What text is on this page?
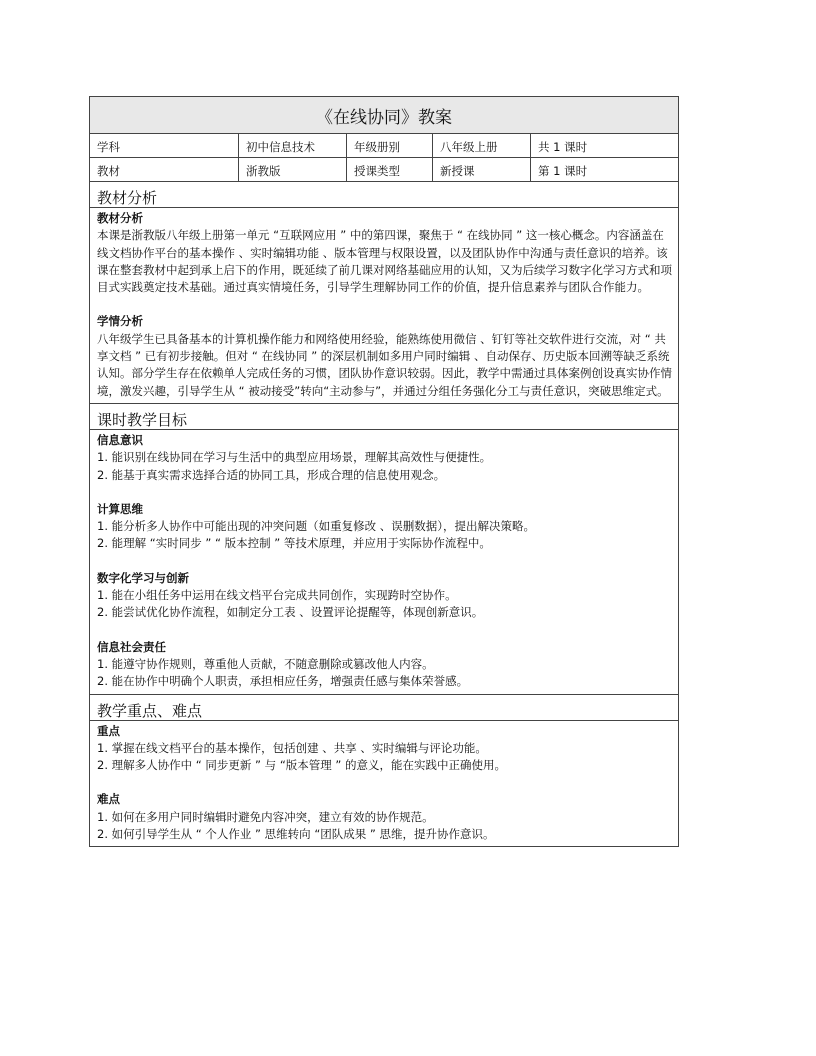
《在线协同》教案
学科	初中信息技术	年级册别	八年级上册	共 1 课时
教材	浙教版	授课类型	新授课	第 1 课时
教材分析
教材分析

本课是浙教版八年级上册第一单元 “互联网应用 ” 中的第四课，聚焦于 “ 在线协同 ” 这一核心概念。内容涵盖在线文档协作平台的基本操作 、实时编辑功能 、版本管理与权限设置，以及团队协作中沟通与责任意识的培养。该课在整套教材中起到承上启下的作用，既延续了前几课对网络基础应用的认知，又为后续学习数字化学习方式和项目式实践奠定技术基础。通过真实情境任务，引导学生理解协同工作的价值，提升信息素养与团队合作能力。

学情分析

八年级学生已具备基本的计算机操作能力和网络使用经验，能熟练使用微信 、钉钉等社交软件进行交流，对 “ 共享文档 ” 已有初步接触。但对 “ 在线协同 ” 的深层机制如多用户同时编辑 、自动保存、历史版本回溯等缺乏系统认知。部分学生存在依赖单人完成任务的习惯，团队协作意识较弱。因此，教学中需通过具体案例创设真实协作情境，激发兴趣，引导学生从 “ 被动接受”转向“主动参与”，并通过分组任务强化分工与责任意识，突破思维定式。

课时教学目标
信息意识

1. 能识别在线协同在学习与生活中的典型应用场景，理解其高效性与便捷性。

2. 能基于真实需求选择合适的协同工具，形成合理的信息使用观念。

计算思维

1. 能分析多人协作中可能出现的冲突问题（如重复修改 、误删数据），提出解决策略。

2. 能理解 “实时同步 ” “ 版本控制 ” 等技术原理，并应用于实际协作流程中。

数字化学习与创新

1. 能在小组任务中运用在线文档平台完成共同创作，实现跨时空协作。

2. 能尝试优化协作流程，如制定分工表 、设置评论提醒等，体现创新意识。

信息社会责任

1. 能遵守协作规则，尊重他人贡献，不随意删除或篡改他人内容。

2. 能在协作中明确个人职责，承担相应任务，增强责任感与集体荣誉感。

教学重点、难点
重点

1. 掌握在线文档平台的基本操作，包括创建 、共享 、实时编辑与评论功能。

2. 理解多人协作中 “ 同步更新 ” 与 “版本管理 ” 的意义，能在实践中正确使用。

难点

1. 如何在多用户同时编辑时避免内容冲突，建立有效的协作规范。

2. 如何引导学生从 “ 个人作业 ” 思维转向 “团队成果 ” 思维，提升协作意识。
